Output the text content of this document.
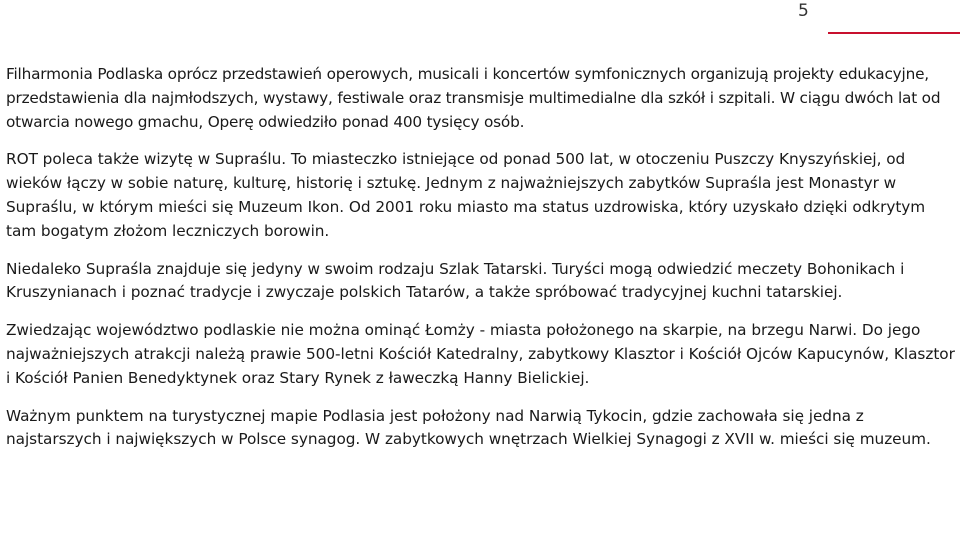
5

Filharmonia Podlaska oprócz przedstawień operowych, musicali i koncertów symfonicznych organizują projekty edukacyjne, przedstawienia dla najmłodszych, wystawy, festiwale oraz transmisje multimedialne dla szkół i szpitali. W ciągu dwóch lat od otwarcia nowego gmachu, Operę odwiedziło ponad 400 tysięcy osób.

ROT poleca także wizytę w Supraślu. To miasteczko istniejące od ponad 500 lat, w otoczeniu Puszczy Knyszyńskiej, od wieków łączy w sobie naturę, kulturę, historię i sztukę. Jednym z najważniejszych zabytków Supraśla jest Monastyr w Supraślu, w którym mieści się Muzeum Ikon. Od 2001 roku miasto ma status uzdrowiska, który uzyskało dzięki odkrytym tam bogatym złożom leczniczych borowin.

Niedaleko Supraśla znajduje się jedyny w swoim rodzaju Szlak Tatarski. Turyści mogą odwiedzić meczety Bohonikach i Kruszynianach i poznać tradycje i zwyczaje polskich Tatarów, a także spróbować tradycyjnej kuchni tatarskiej.

Zwiedzając województwo podlaskie nie można ominąć Łomży - miasta położonego na skarpie, na brzegu Narwi. Do jego najważniejszych atrakcji należą prawie 500-letni Kościół Katedralny, zabytkowy Klasztor i Kościół Ojców Kapucynów, Klasztor i Kościół Panien Benedyktynek oraz Stary Rynek z ławeczką Hanny Bielickiej.

Ważnym punktem na turystycznej mapie Podlasia jest położony nad Narwią Tykocin, gdzie zachowała się jedna z najstarszych i największych w Polsce synagog. W zabytkowych wnętrzach Wielkiej Synagogi z XVII w. mieści się muzeum.
